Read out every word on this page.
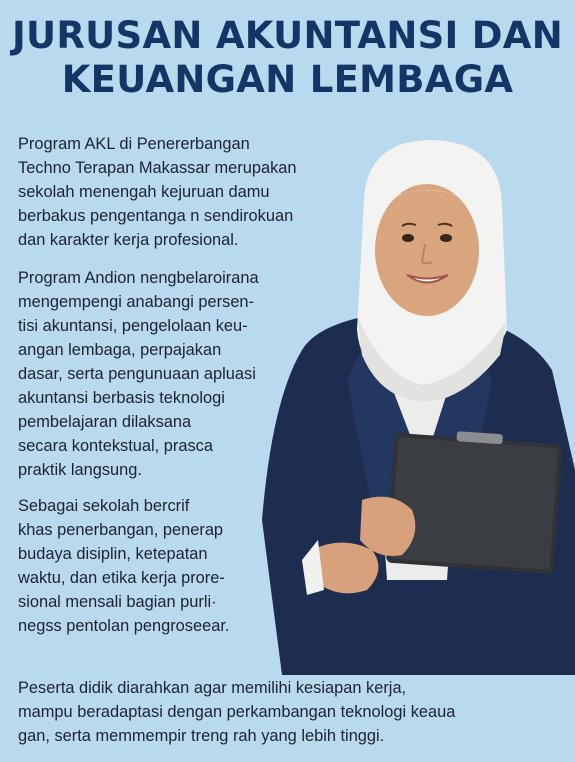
JURUSAN AKUNTANSI DAN
KEUANGAN LEMBAGA

Program AKL di Penererbangan
Techno Terapan Makassar merupakan
sekolah menengah kejuruan damu
berbakus pengentanga n sendirokuan
dan karakter kerja profesional.

Program Andion nengbelaroirana
mengempengi anabangi persen-
tisi akuntansi, pengelolaan keu-
angan lembaga, perpajakan
dasar, serta pengunuaan apluasi
akuntansi berbasis teknologi
pembelajaran dilaksana
secara kontekstual, prasca
praktik langsung.

Sebagai sekolah bercrif
khas penerbangan, penerap
budaya disiplin, ketepatan
waktu, dan etika kerja prore-
sional mensali bagian purli·
negss pentolan pengroseear.

Peserta didik diarahkan agar memilihi kesiapan kerja,
mampu beradaptasi dengan perkambangan teknologi keaua
gan, serta memmempir treng rah yang lebih tinggi.
